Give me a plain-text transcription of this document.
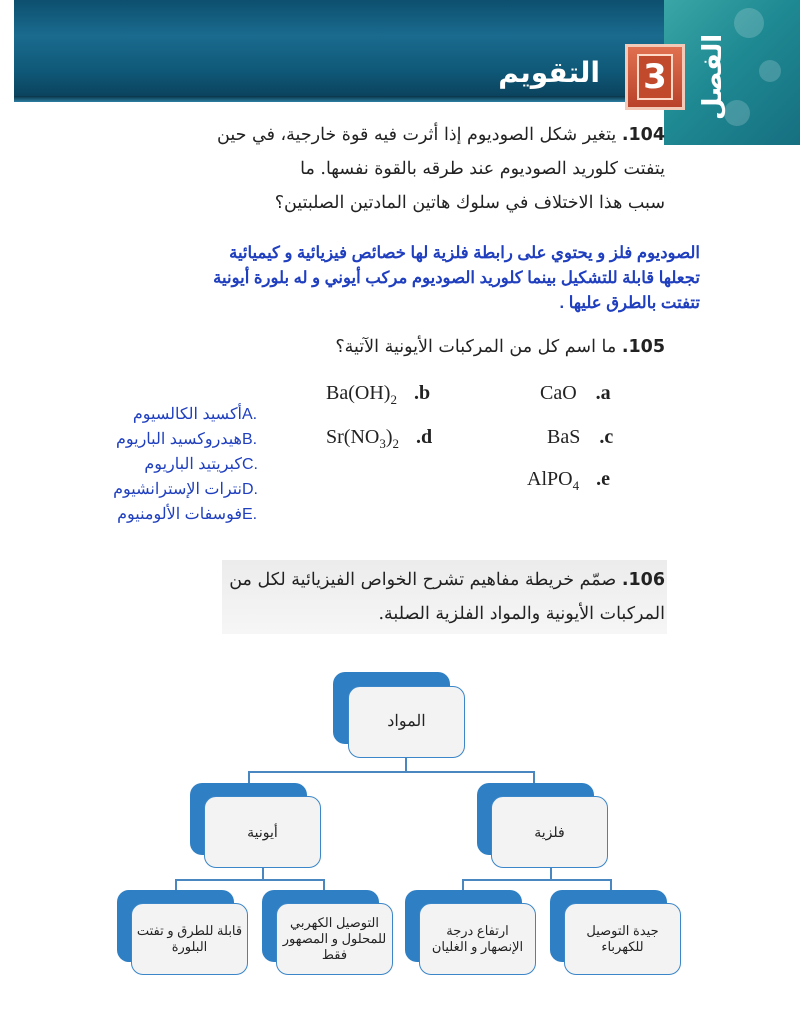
الفصل
3
التقويم
104. يتغير شكل الصوديوم إذا أثرت فيه قوة خارجية، في حين
يتفتت كلوريد الصوديوم عند طرقه بالقوة نفسها. ما
سبب هذا الاختلاف في سلوك هاتين المادتين الصلبتين؟
الصوديوم فلز و يحتوي على رابطة فلزية لها خصائص فيزيائية و كيميائية
تجعلها قابلة للتشكيل بينما كلوريد الصوديوم مركب أيوني و له بلورة أيونية
تتفتت بالطرق عليها .
105. ما اسم كل من المركبات الأيونية الآتية؟
CaO .a
$Ba(OH)_2$ .b
BaS .c
$Sr(NO_3)_2$ .d
AlPO$_4$ .e
A.
أكسيد الكالسيوم
B.
هيدروكسيد الباريوم
C.
كبريتيد الباريوم
D.
نترات الإسترانشيوم
E.
فوسفات الألومنيوم
106. صمّم خريطة مفاهيم تشرح الخواص الفيزيائية لكل من
المركبات الأيونية والمواد الفلزية الصلبة.
المواد
أيونية	فلزية
قابلة للطرق و تفتت البلورة
التوصيل الكهربي للمحلول و المصهور فقط
ارتفاع درجة الإنصهار و الغليان
جيدة التوصيل للكهرباء
